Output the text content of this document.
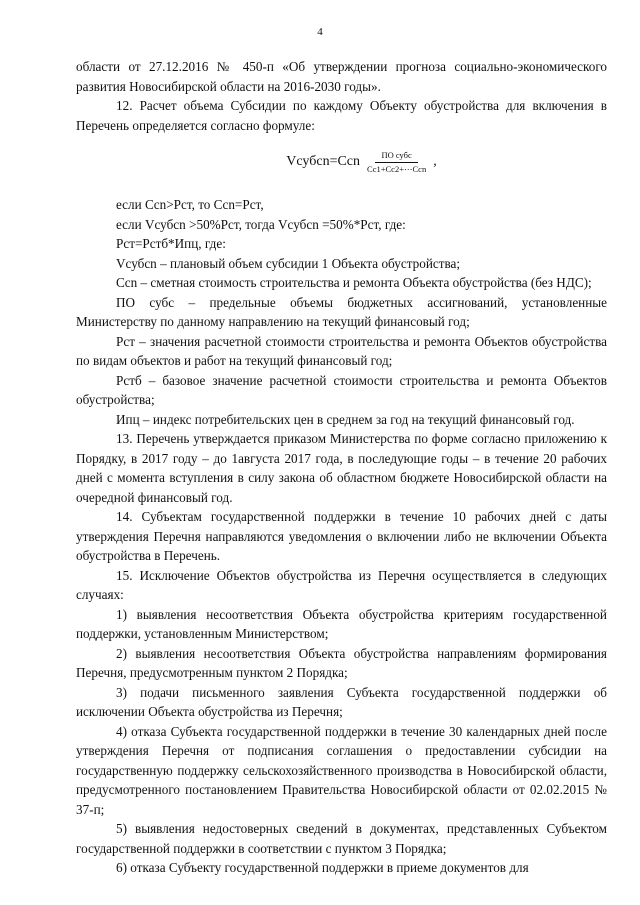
4

области от 27.12.2016 № 450-п «Об утверждении прогноза социально-экономического развития Новосибирской области на 2016-2030 годы».

12. Расчет объема Субсидии по каждому Объекту обустройства для включения в Перечень определяется согласно формуле:

Vсубсn=Ccn $\frac{\text{ПО субс}}{\text{Cc1+Cc2+⋯Ccn}}$ ,

если Ccn>Рст, то Ccn=Рст,

если Vсубсn >50%Рст, тогда Vсубсn =50%*Рст, где:

Рст=Рстб*Ипц, где:

Vсубсn – плановый объем субсидии 1 Объекта обустройства;

Ccn – сметная стоимость строительства и ремонта Объекта обустройства (без НДС);

ПО субс – предельные объемы бюджетных ассигнований, установленные Министерству по данному направлению на текущий финансовый год;

Рст – значения расчетной стоимости строительства и ремонта Объектов обустройства по видам объектов и работ на текущий финансовый год;

Рстб – базовое значение расчетной стоимости строительства и ремонта Объектов обустройства;

Ипц – индекс потребительских цен в среднем за год на текущий финансовый год.

13. Перечень утверждается приказом Министерства по форме согласно приложению к Порядку, в 2017 году – до 1августа 2017 года, в последующие годы – в течение 20 рабочих дней с момента вступления в силу закона об областном бюджете Новосибирской области на очередной финансовый год.

14. Субъектам государственной поддержки в течение 10 рабочих дней с даты утверждения Перечня направляются уведомления о включении либо не включении Объекта обустройства в Перечень.

15. Исключение Объектов обустройства из Перечня осуществляется в следующих случаях:

1) выявления несоответствия Объекта обустройства критериям государственной поддержки, установленным Министерством;

2) выявления несоответствия Объекта обустройства направлениям формирования Перечня, предусмотренным пунктом 2 Порядка;

3) подачи письменного заявления Субъекта государственной поддержки об исключении Объекта обустройства из Перечня;

4) отказа Субъекта государственной поддержки в течение 30 календарных дней после утверждения Перечня от подписания соглашения о предоставлении субсидии на государственную поддержку сельскохозяйственного производства в Новосибирской области, предусмотренного постановлением Правительства Новосибирской области от 02.02.2015 № 37-п;

5) выявления недостоверных сведений в документах, представленных Субъектом государственной поддержки в соответствии с пунктом 3 Порядка;

6) отказа Субъекту государственной поддержки в приеме документов для
